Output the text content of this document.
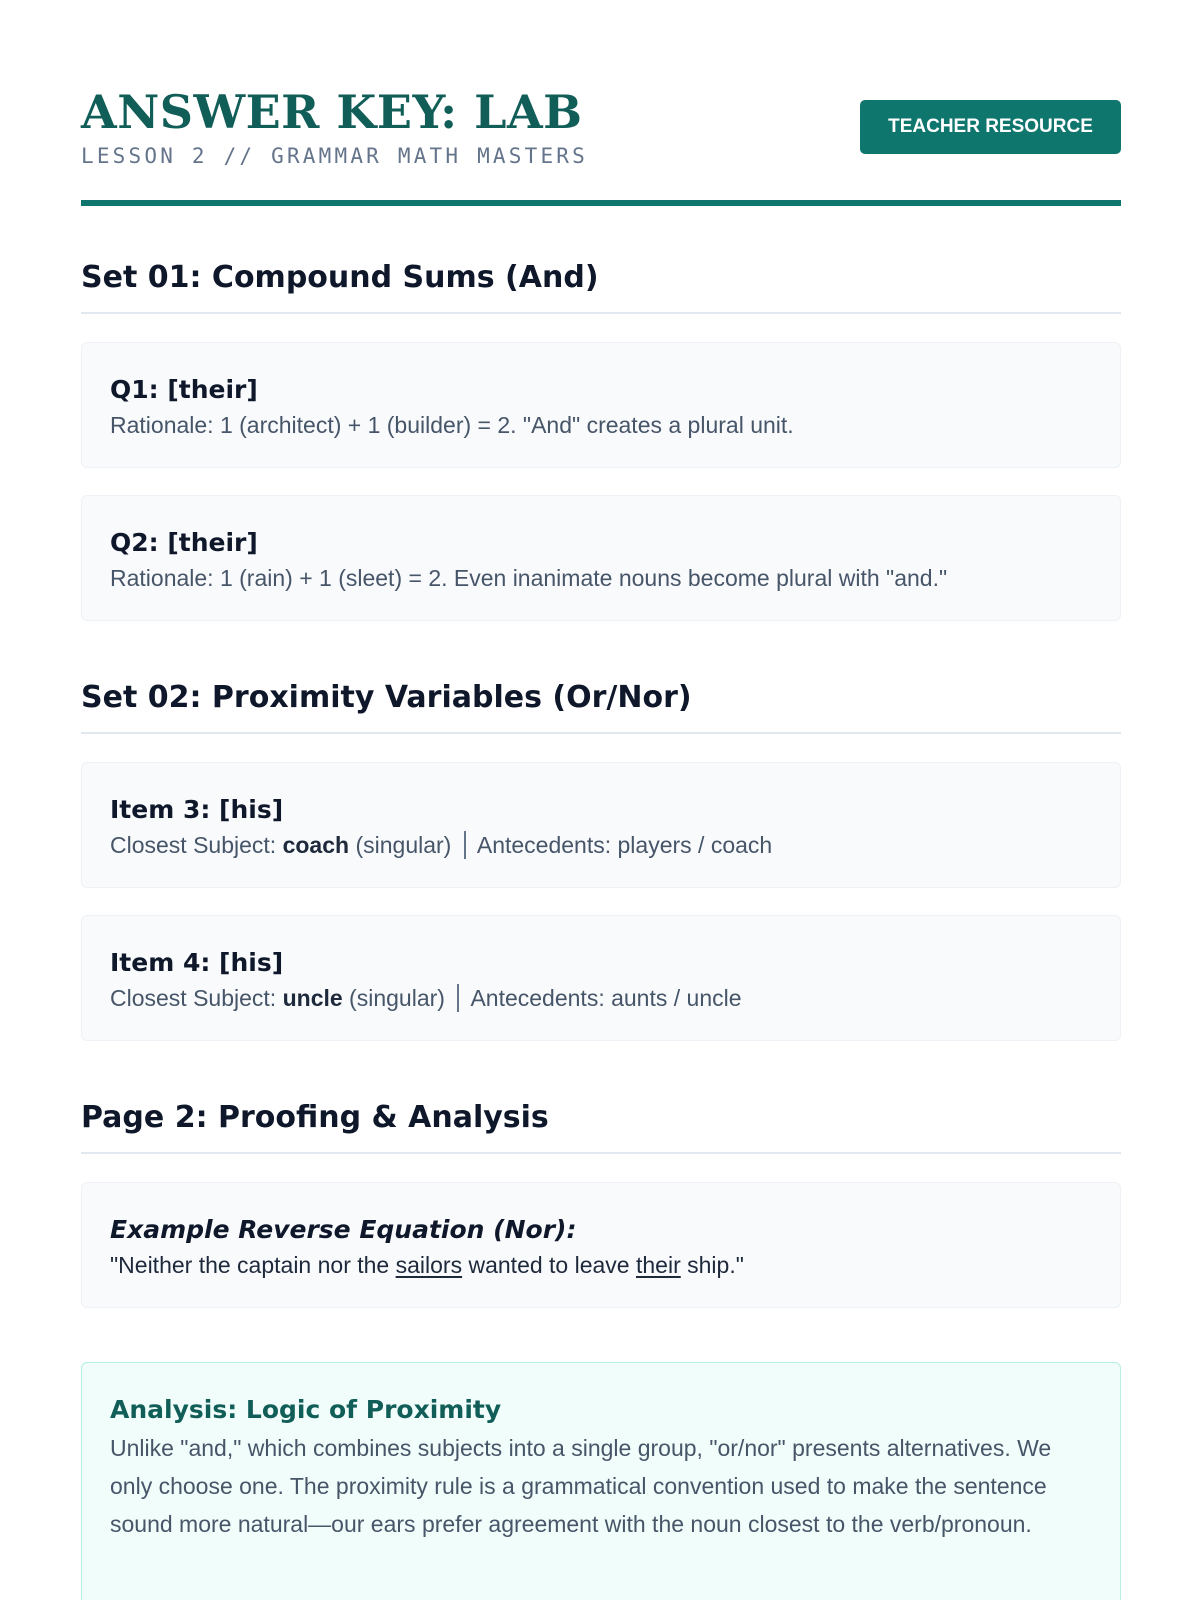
ANSWER KEY: LAB
LESSON 2 // GRAMMAR MATH MASTERS
TEACHER RESOURCE
Set 01: Compound Sums (And)
Q1: [their]
Rationale: 1 (architect) + 1 (builder) = 2. "And" creates a plural unit.
Q2: [their]
Rationale: 1 (rain) + 1 (sleet) = 2. Even inanimate nouns become plural with "and."
Set 02: Proximity Variables (Or/Nor)
Item 3: [his]
Closest Subject: coach (singular)  Antecedents: players / coach
Item 4: [his]
Closest Subject: uncle (singular)  Antecedents: aunts / uncle
Page 2: Proofing & Analysis
Example Reverse Equation (Nor):
"Neither the captain nor the sailors wanted to leave their ship."
Analysis: Logic of Proximity
Unlike "and," which combines subjects into a single group, "or/nor" presents alternatives. We only choose one. The proximity rule is a grammatical convention used to make the sentence sound more natural—our ears prefer agreement with the noun closest to the verb/pronoun.
